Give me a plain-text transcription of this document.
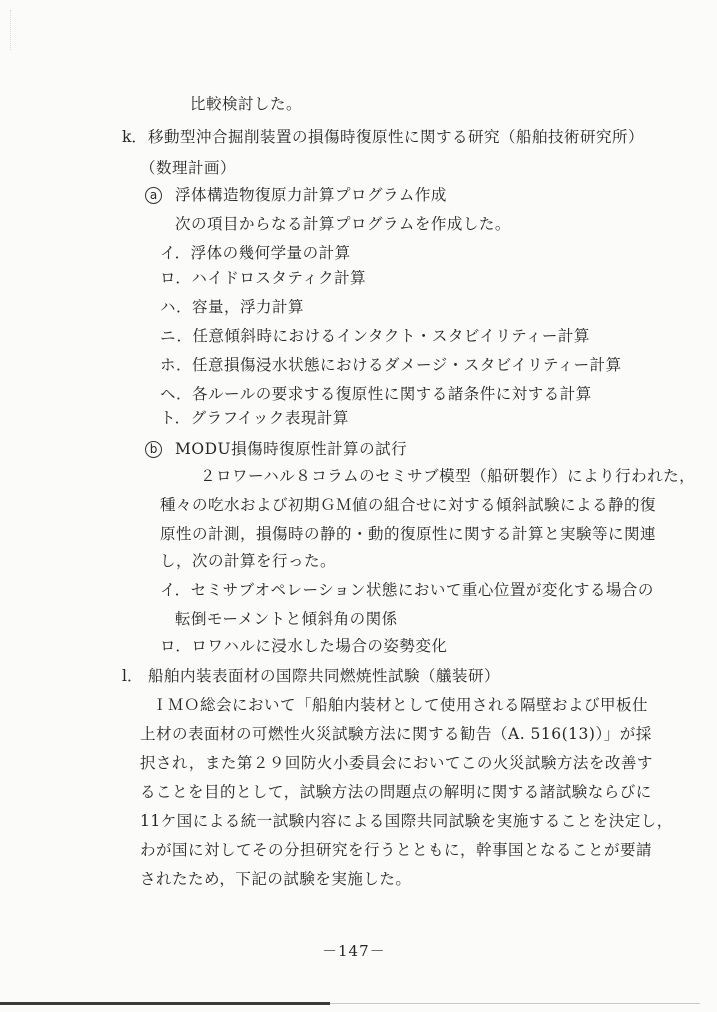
比較検討した。
k． 移動型沖合掘削装置の損傷時復原性に関する研究（船舶技術研究所）
（数理計画）
a	浮体構造物復原力計算プログラム作成
次の項目からなる計算プログラムを作成した。
イ．浮体の幾何学量の計算
ロ．ハイドロスタティク計算
ハ．容量，浮力計算
ニ．任意傾斜時におけるインタクト・スタビイリティー計算
ホ．任意損傷浸水状態におけるダメージ・スタビイリティー計算
ヘ．各ルールの要求する復原性に関する諸条件に対する計算
ト．グラフイック表現計算
b	MODU損傷時復原性計算の試行
２ロワーハル８コラムのセミサブ模型（船研製作）により行われた，
種々の吃水および初期ＧＭ値の組合せに対する傾斜試験による静的復
原性の計測，損傷時の静的・動的復原性に関する計算と実験等に関連
し，次の計算を行った。
イ．セミサブオペレーション状態において重心位置が変化する場合の
転倒モーメントと傾斜角の関係
ロ．ロワハルに浸水した場合の姿勢変化
l． 船舶内装表面材の国際共同燃焼性試験（艤装研）
ＩＭＯ総会において「船舶内装材として使用される隔壁および甲板仕
上材の表面材の可燃性火災試験方法に関する勧告（A. 516(13)）」が採
択され，また第２９回防火小委員会においてこの火災試験方法を改善す
ることを目的として，試験方法の問題点の解明に関する諸試験ならびに
11ケ国による統一試験内容による国際共同試験を実施することを決定し，
わが国に対してその分担研究を行うとともに，幹事国となることが要請
されたため，下記の試験を実施した。
－147－
